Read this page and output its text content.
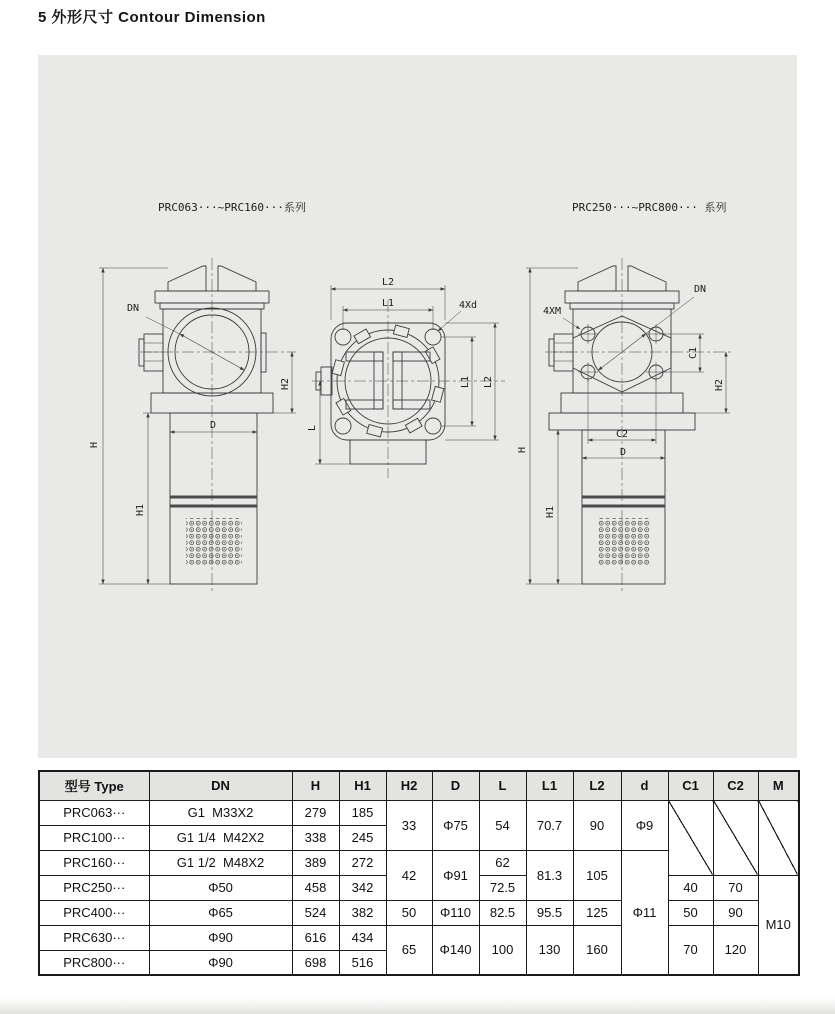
5 外形尺寸 Contour Dimension
PRC063···~PRC160···系列	PRC250···~PRC800··· 系列
DN
H
H1
H2
D
L2
L1	4Xd
L
L1 L2
4XM
DN
C1
H2
H
H1
C2
D
型号 Type	DN	H	H1	H2	D	L	L1	L2	d	C1	C2	M
PRC063···	G1  M33X2	279	185	33	Φ75	54	70.7	90	Φ9			
PRC100···	G1 1/4  M42X2	338	245									
PRC160···	G1 1/2  M48X2	389	272	42	Φ91	62	81.3	105	Φ11			
PRC250···	Φ50	458	342			72.5				40	70	M10
PRC400···	Φ65	524	382	50	Φ110	82.5	95.5	125		50	90	
PRC630···	Φ90	616	434	65	Φ140	100	130	160		70	120	
PRC800···	Φ90	698	516									
